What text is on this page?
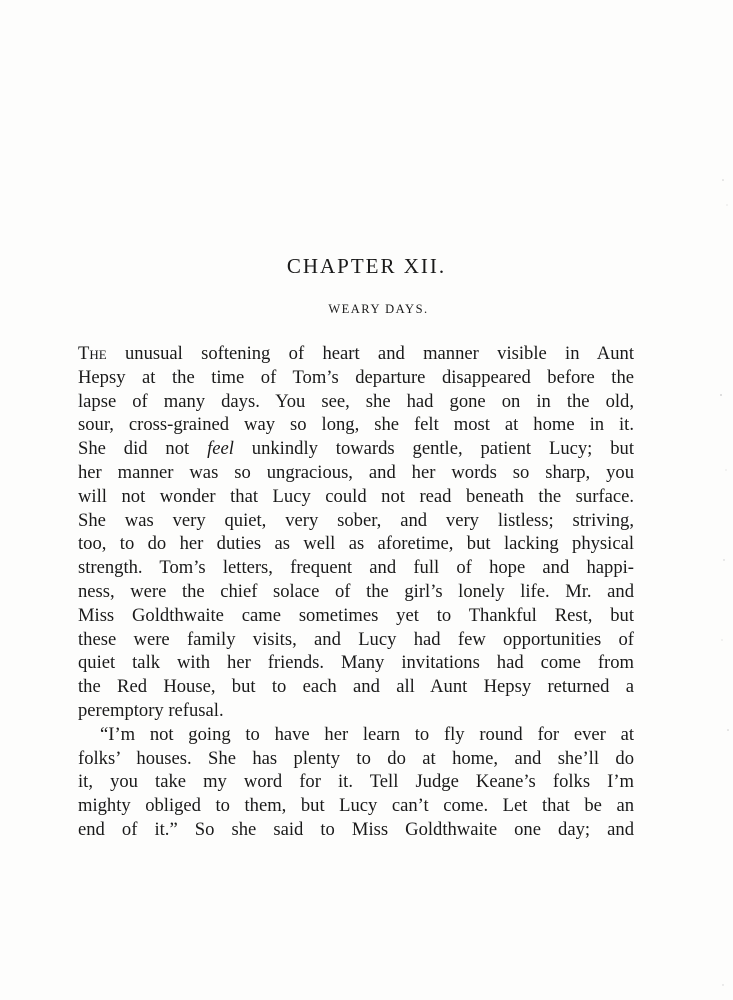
CHAPTER XII.
WEARY DAYS.
The unusual softening of heart and manner visible in Aunt
Hepsy at the time of Tom’s departure disappeared before the
lapse of many days. You see, she had gone on in the old,
sour, cross-grained way so long, she felt most at home in it.
She did not feel unkindly towards gentle, patient Lucy; but
her manner was so ungracious, and her words so sharp, you
will not wonder that Lucy could not read beneath the surface.
She was very quiet, very sober, and very listless; striving,
too, to do her duties as well as aforetime, but lacking physical
strength. Tom’s letters, frequent and full of hope and happi-
ness, were the chief solace of the girl’s lonely life. Mr. and
Miss Goldthwaite came sometimes yet to Thankful Rest, but
these were family visits, and Lucy had few opportunities of
quiet talk with her friends. Many invitations had come from
the Red House, but to each and all Aunt Hepsy returned a
peremptory refusal.
“I’m not going to have her learn to fly round for ever at
folks’ houses. She has plenty to do at home, and she’ll do
it, you take my word for it. Tell Judge Keane’s folks I’m
mighty obliged to them, but Lucy can’t come. Let that be an
end of it.” So she said to Miss Goldthwaite one day; and
